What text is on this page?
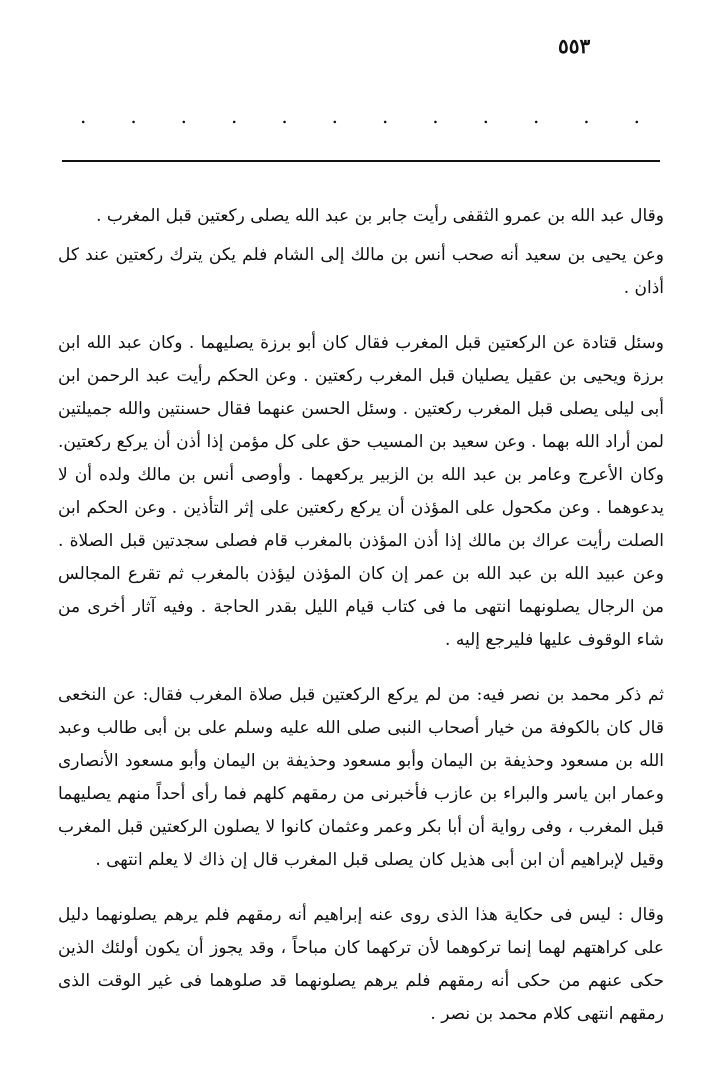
٥٥٣
. . . . . . . . . . . .

وقال عبد الله بن عمرو الثقفى رأيت جابر بن عبد الله يصلى ركعتين قبل المغرب .

وعن يحيى بن سعيد أنه صحب أنس بن مالك إلى الشام فلم يكن يترك ركعتين عند كل أذان .

وسئل قتادة عن الركعتين قبل المغرب فقال كان أبو برزة يصليهما . وكان عبد الله ابن برزة ويحيى بن عقيل يصليان قبل المغرب ركعتين . وعن الحكم رأيت عبد الرحمن ابن أبى ليلى يصلى قبل المغرب ركعتين . وسئل الحسن عنهما فقال حسنتين والله جميلتين لمن أراد الله بهما . وعن سعيد بن المسيب حق على كل مؤمن إذا أذن أن يركع ركعتين. وكان الأعرج وعامر بن عبد الله بن الزبير يركعهما . وأوصى أنس بن مالك ولده أن لا يدعوهما . وعن مكحول على المؤذن أن يركع ركعتين على إثر التأذين . وعن الحكم ابن الصلت رأيت عراك بن مالك إذا أذن المؤذن بالمغرب قام فصلى سجدتين قبل الصلاة . وعن عبيد الله بن عبد الله بن عمر إن كان المؤذن ليؤذن بالمغرب ثم تقرع المجالس من الرجال يصلونهما انتهى ما فى كتاب قيام الليل بقدر الحاجة . وفيه آثار أخرى من شاء الوقوف عليها فليرجع إليه .

ثم ذكر محمد بن نصر فيه: من لم يركع الركعتين قبل صلاة المغرب فقال: عن النخعى قال كان بالكوفة من خيار أصحاب النبى صلى الله عليه وسلم على بن أبى طالب وعبد الله بن مسعود وحذيفة بن اليمان وأبو مسعود وحذيفة بن اليمان وأبو مسعود الأنصارى وعمار ابن ياسر والبراء بن عازب فأخبرنى من رمقهم كلهم فما رأى أحداً منهم يصليهما قبل المغرب ، وفى رواية أن أبا بكر وعمر وعثمان كانوا لا يصلون الركعتين قبل المغرب وقيل لإبراهيم أن ابن أبى هذيل كان يصلى قبل المغرب قال إن ذاك لا يعلم انتهى .

وقال : ليس فى حكاية هذا الذى روى عنه إبراهيم أنه رمقهم فلم يرهم يصلونهما دليل على كراهتهم لهما إنما تركوهما لأن تركهما كان مباحاً ، وقد يجوز أن يكون أولئك الذين حكى عنهم من حكى أنه رمقهم فلم يرهم يصلونهما قد صلوهما فى غير الوقت الذى رمقهم انتهى كلام محمد بن نصر .
